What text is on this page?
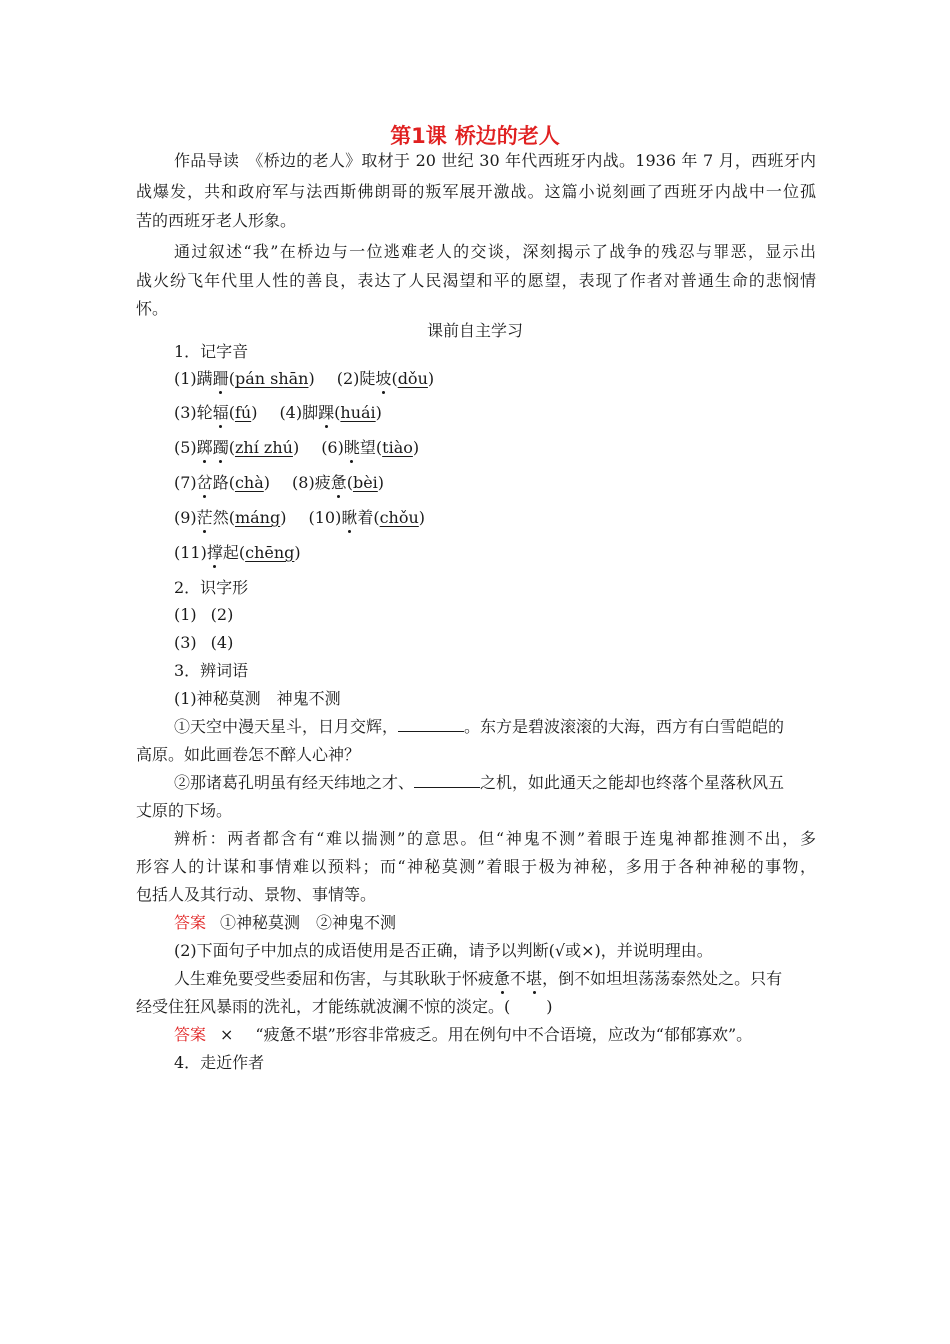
第1课 桥边的老人
作品导读　《桥边的老人》取材于 20 世纪 30 年代西班牙内战。1936 年 7 月，西班牙内
战爆发，共和政府军与法西斯佛朗哥的叛军展开激战。这篇小说刻画了西班牙内战中一位孤
苦的西班牙老人形象。
通过叙述“我”在桥边与一位逃难老人的交谈，深刻揭示了战争的残忍与罪恶，显示出
战火纷飞年代里人性的善良，表达了人民渴望和平的愿望，表现了作者对普通生命的悲悯情
怀。
课前自主学习
1．记字音
(1)蹒跚(pán shān) (2)陡坡(dǒu)
(3)轮辐(fú) (4)脚踝(huái)
(5)踯躅(zhí zhú) (6)眺望(tiào)
(7)岔路(chà) (8)疲惫(bèi)
(9)茫然(máng) (10)瞅着(chǒu)
(11)撑起(chēng)
2．识字形
(1) (2)
(3) (4)
3．辨词语
(1)神秘莫测　神鬼不测
①天空中漫天星斗，日月交辉，	。东方是碧波滚滚的大海，西方有白雪皑皑的
高原。如此画卷怎不醉人心神？
②那诸葛孔明虽有经天纬地之才、	之机，如此通天之能却也终落个星落秋风五
丈原的下场。
辨析：两者都含有“难以揣测”的意思。但“神鬼不测”着眼于连鬼神都推测不出，多
形容人的计谋和事情难以预料；而“神秘莫测”着眼于极为神秘，多用于各种神秘的事物，
包括人及其行动、景物、事情等。
答案 ①神秘莫测　②神鬼不测
(2)下面句子中加点的成语使用是否正确，请予以判断(√或×)，并说明理由。
人生难免要受些委屈和伤害，与其耿耿于怀疲惫不堪，倒不如坦坦荡荡泰然处之。只有
经受住狂风暴雨的洗礼，才能练就波澜不惊的淡定。( )
答案 × “疲惫不堪”形容非常疲乏。用在例句中不合语境，应改为“郁郁寡欢”。
4．走近作者
